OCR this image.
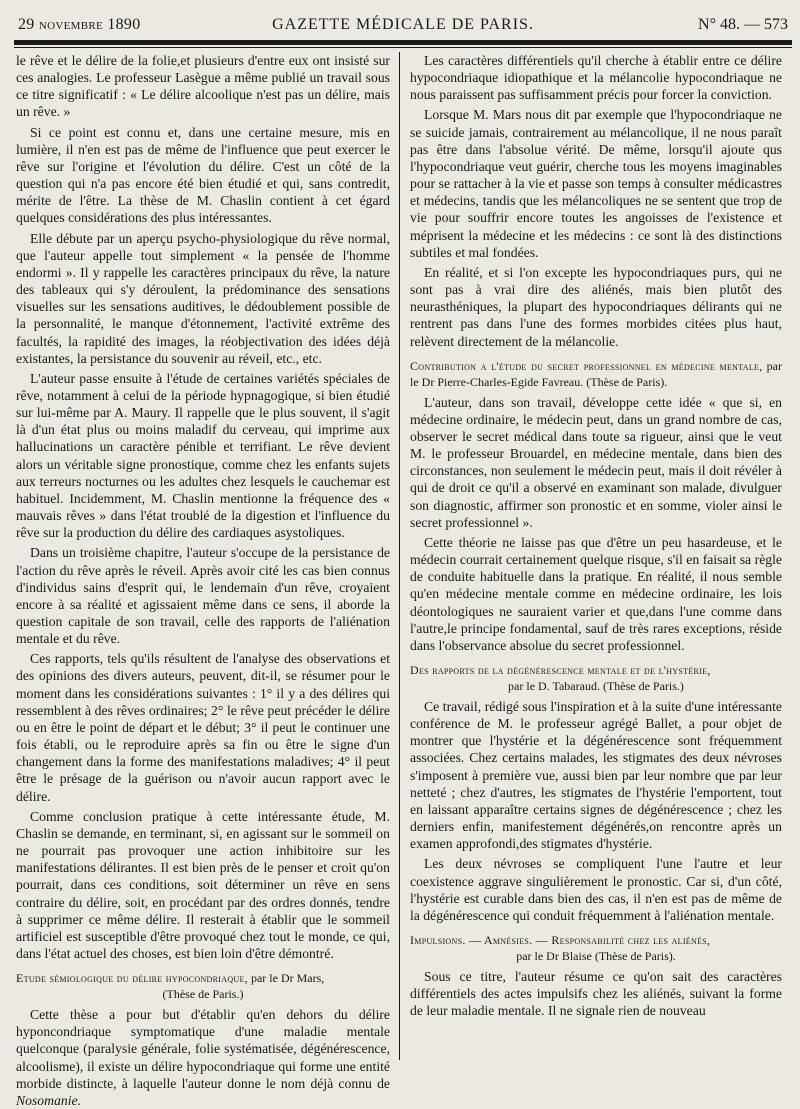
29 novembre 1890	GAZETTE MÉDICALE DE PARIS.	N° 48. — 573

le rêve et le délire de la folie,et plusieurs d'entre eux ont insisté sur ces analogies. Le professeur Lasègue a même publié un travail sous ce titre significatif : « Le délire alcoolique n'est pas un délire, mais un rêve. »

Si ce point est connu et, dans une certaine mesure, mis en lumière, il n'en est pas de même de l'influence que peut exercer le rêve sur l'origine et l'évolution du délire. C'est un côté de la question qui n'a pas encore été bien étudié et qui, sans contredit, mérite de l'être. La thèse de M. Chaslin contient à cet égard quelques considérations des plus intéressantes.

Elle débute par un aperçu psycho-physiologique du rêve normal, que l'auteur appelle tout simplement « la pensée de l'homme endormi ». Il y rappelle les caractères principaux du rêve, la nature des tableaux qui s'y déroulent, la prédominance des sensations visuelles sur les sensations auditives, le dédoublement possible de la personnalité, le manque d'étonnement, l'activité extrême des facultés, la rapidité des images, la réobjectivation des idées déjà existantes, la persistance du souvenir au réveil, etc., etc.

L'auteur passe ensuite à l'étude de certaines variétés spéciales de rêve, notamment à celui de la période hypnagogique, si bien étudié sur lui-même par A. Maury. Il rappelle que le plus souvent, il s'agit là d'un état plus ou moins maladif du cerveau, qui imprime aux hallucinations un caractère pénible et terrifiant. Le rêve devient alors un véritable signe pronostique, comme chez les enfants sujets aux terreurs nocturnes ou les adultes chez lesquels le cauchemar est habituel. Incidemment, M. Chaslin mentionne la fréquence des « mauvais rêves » dans l'état troublé de la digestion et l'influence du rêve sur la production du délire des cardiaques asystoliques.

Dans un troisième chapitre, l'auteur s'occupe de la persistance de l'action du rêve après le réveil. Après avoir cité les cas bien connus d'individus sains d'esprit qui, le lendemain d'un rêve, croyaient encore à sa réalité et agissaient même dans ce sens, il aborde la question capitale de son travail, celle des rapports de l'aliénation mentale et du rêve.

Ces rapports, tels qu'ils résultent de l'analyse des observations et des opinions des divers auteurs, peuvent, dit-il, se résumer pour le moment dans les considérations suivantes : 1° il y a des délires qui ressemblent à des rêves ordinaires; 2° le rêve peut précéder le délire ou en être le point de départ et le début; 3° il peut le continuer une fois établi, ou le reproduire après sa fin ou être le signe d'un changement dans la forme des manifestations maladives; 4° il peut être le présage de la guérison ou n'avoir aucun rapport avec le délire.

Comme conclusion pratique à cette intéressante étude, M. Chaslin se demande, en terminant, si, en agissant sur le sommeil on ne pourrait pas provoquer une action inhibitoire sur les manifestations délirantes. Il est bien près de le penser et croit qu'on pourrait, dans ces conditions, soit déterminer un rêve en sens contraire du délire, soit, en procédant par des ordres donnés, tendre à supprimer ce même délire. Il resterait à établir que le sommeil artificiel est susceptible d'être provoqué chez tout le monde, ce qui, dans l'état actuel des choses, est bien loin d'être démontré.

Etude sémiologique du délire hypocondriaque, par le Dr Mars,
(Thèse de Paris.)

Cette thèse a pour but d'établir qu'en dehors du délire hyponcondriaque symptomatique d'une maladie mentale quelconque (paralysie générale, folie systématisée, dégénérescence, alcoolisme), il existe un délire hypocondriaque qui forme une entité morbide distincte, à laquelle l'auteur donne le nom déjà connu de Nosomanie.

Les caractères différentiels qu'il cherche à établir entre ce délire hypocondriaque idiopathique et la mélancolie hypocondriaque ne nous paraissent pas suffisamment précis pour forcer la conviction.

Lorsque M. Mars nous dit par exemple que l'hypocondriaque ne se suicide jamais, contrairement au mélancolique, il ne nous paraît pas être dans l'absolue vérité. De même, lorsqu'il ajoute qus l'hypocondriaque veut guérir, cherche tous les moyens imaginables pour se rattacher à la vie et passe son temps à consulter médicastres et médecins, tandis que les mélancoliques ne se sentent que trop de vie pour souffrir encore toutes les angoisses de l'existence et méprisent la médecine et les médecins : ce sont là des distinctions subtiles et mal fondées.

En réalité, et si l'on excepte les hypocondriaques purs, qui ne sont pas à vrai dire des aliénés, mais bien plutôt des neurasthéniques, la plupart des hypocondriaques délirants qui ne rentrent pas dans l'une des formes morbides citées plus haut, relèvent directement de la mélancolie.

Contribution a l'étude du secret professionnel en médecine mentale, par le Dr Pierre-Charles-Egide Favreau. (Thèse de Paris).

L'auteur, dans son travail, développe cette idée « que si, en médecine ordinaire, le médecin peut, dans un grand nombre de cas, observer le secret médical dans toute sa rigueur, ainsi que le veut M. le professeur Brouardel, en médecine mentale, dans bien des circonstances, non seulement le médecin peut, mais il doit révéler à qui de droit ce qu'il a observé en examinant son malade, divulguer son diagnostic, affirmer son pronostic et en somme, violer ainsi le secret professionnel ».

Cette théorie ne laisse pas que d'être un peu hasardeuse, et le médecin courrait certainement quelque risque, s'il en faisait sa règle de conduite habituelle dans la pratique. En réalité, il nous semble qu'en médecine mentale comme en médecine ordinaire, les lois déontologiques ne sauraient varier et que,dans l'une comme dans l'autre,le principe fondamental, sauf de très rares exceptions, réside dans l'observance absolue du secret professionnel.

Des rapports de la dégénérescence mentale et de l'hystérie,
par le D. Tabaraud. (Thèse de Paris.)

Ce travail, rédigé sous l'inspiration et à la suite d'une intéressante conférence de M. le professeur agrégé Ballet, a pour objet de montrer que l'hystérie et la dégénérescence sont fréquemment associées. Chez certains malades, les stigmates des deux névroses s'imposent à première vue, aussi bien par leur nombre que par leur netteté ; chez d'autres, les stigmates de l'hystérie l'emportent, tout en laissant apparaître certains signes de dégénérescence ; chez les derniers enfin, manifestement dégénérés,on rencontre après un examen approfondi,des stigmates d'hystérie.

Les deux névroses se compliquent l'une l'autre et leur coexistence aggrave singulièrement le pronostic. Car si, d'un côté, l'hystérie est curable dans bien des cas, il n'en est pas de même de la dégénérescence qui conduit fréquemment à l'aliénation mentale.

Impulsions. — Amnésies. — Responsabilité chez les aliénés,
par le Dr Blaise (Thèse de Paris).

Sous ce titre, l'auteur résume ce qu'on sait des caractères différentiels des actes impulsifs chez les aliénés, suivant la forme de leur maladie mentale. Il ne signale rien de nouveau
